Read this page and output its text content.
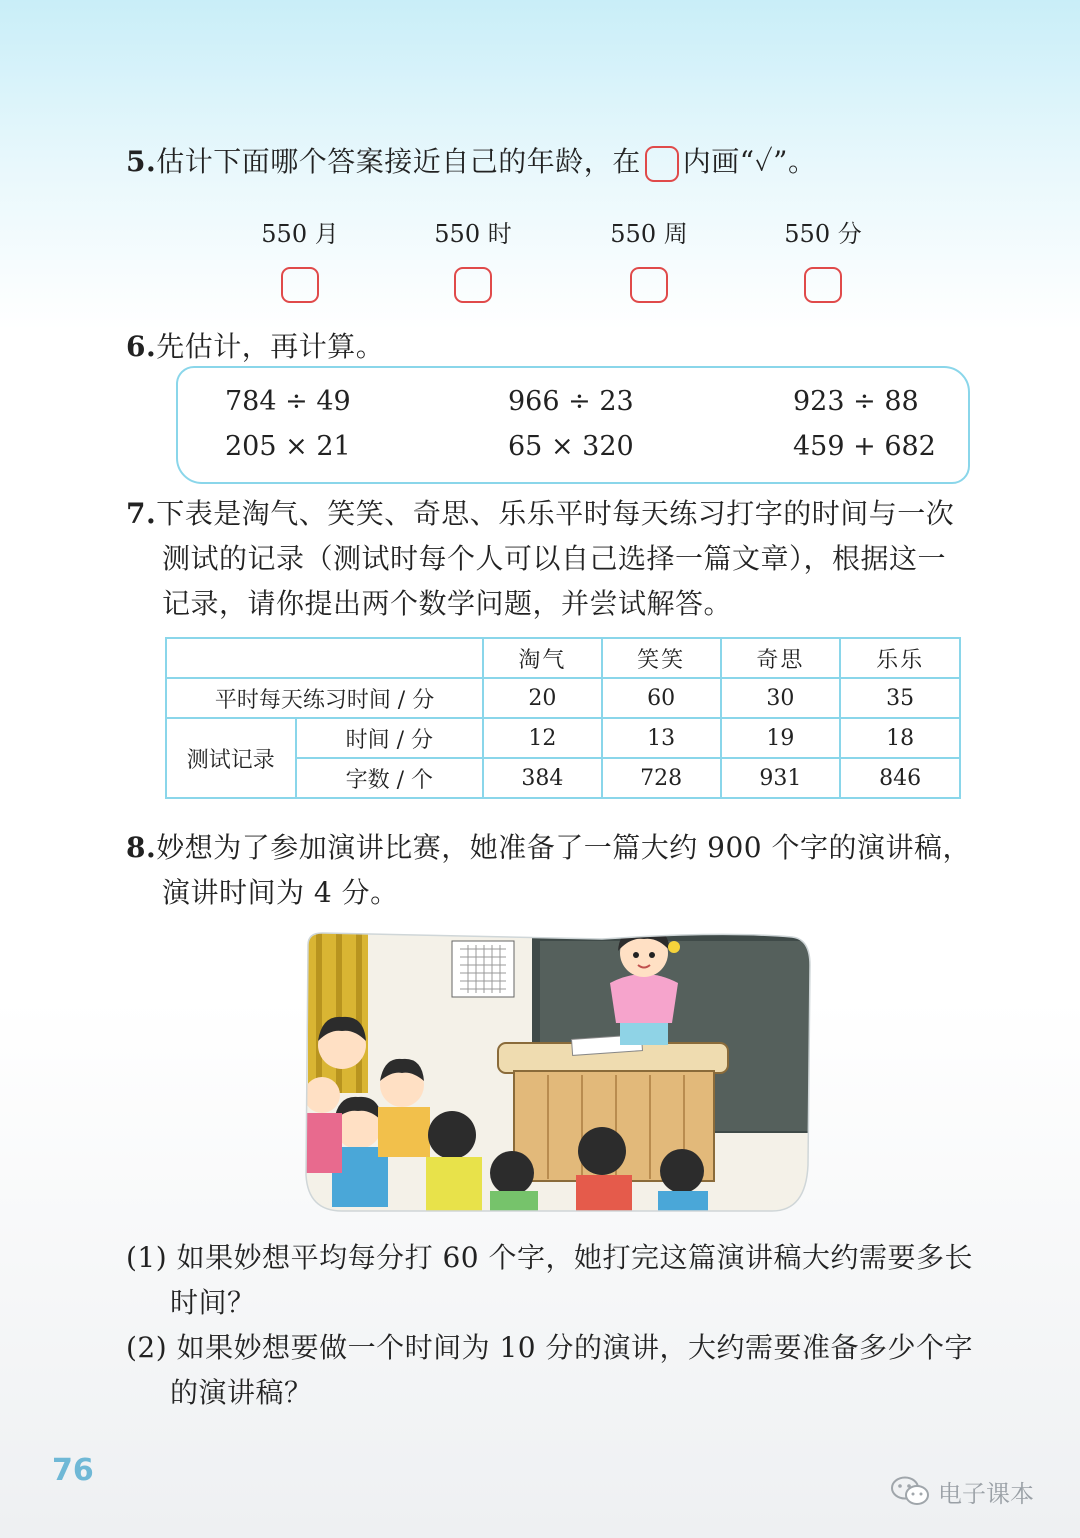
5.估计下面哪个答案接近自己的年龄，在 内画“✓”。
550 月	550 时	550 周	550 分
6.先估计，再计算。
784 ÷ 49	966 ÷ 23	923 ÷ 88
205 × 21	65 × 320	459 + 682
7.下表是淘气、笑笑、奇思、乐乐平时每天练习打字的时间与一次
测试的记录（测试时每个人可以自己选择一篇文章），根据这一
记录，请你提出两个数学问题，并尝试解答。
		淘气	笑笑	奇思	乐乐
平时每天练习时间 / 分		20	60	30	35
测试记录	时间 / 分	12	13	19	18
	字数 / 个	384	728	931	846
8.妙想为了参加演讲比赛，她准备了一篇大约 900 个字的演讲稿，
演讲时间为 4 分。
(1) 如果妙想平均每分打 60 个字，她打完这篇演讲稿大约需要多长
时间？
(2) 如果妙想要做一个时间为 10 分的演讲，大约需要准备多少个字
的演讲稿？
76
电子课本
